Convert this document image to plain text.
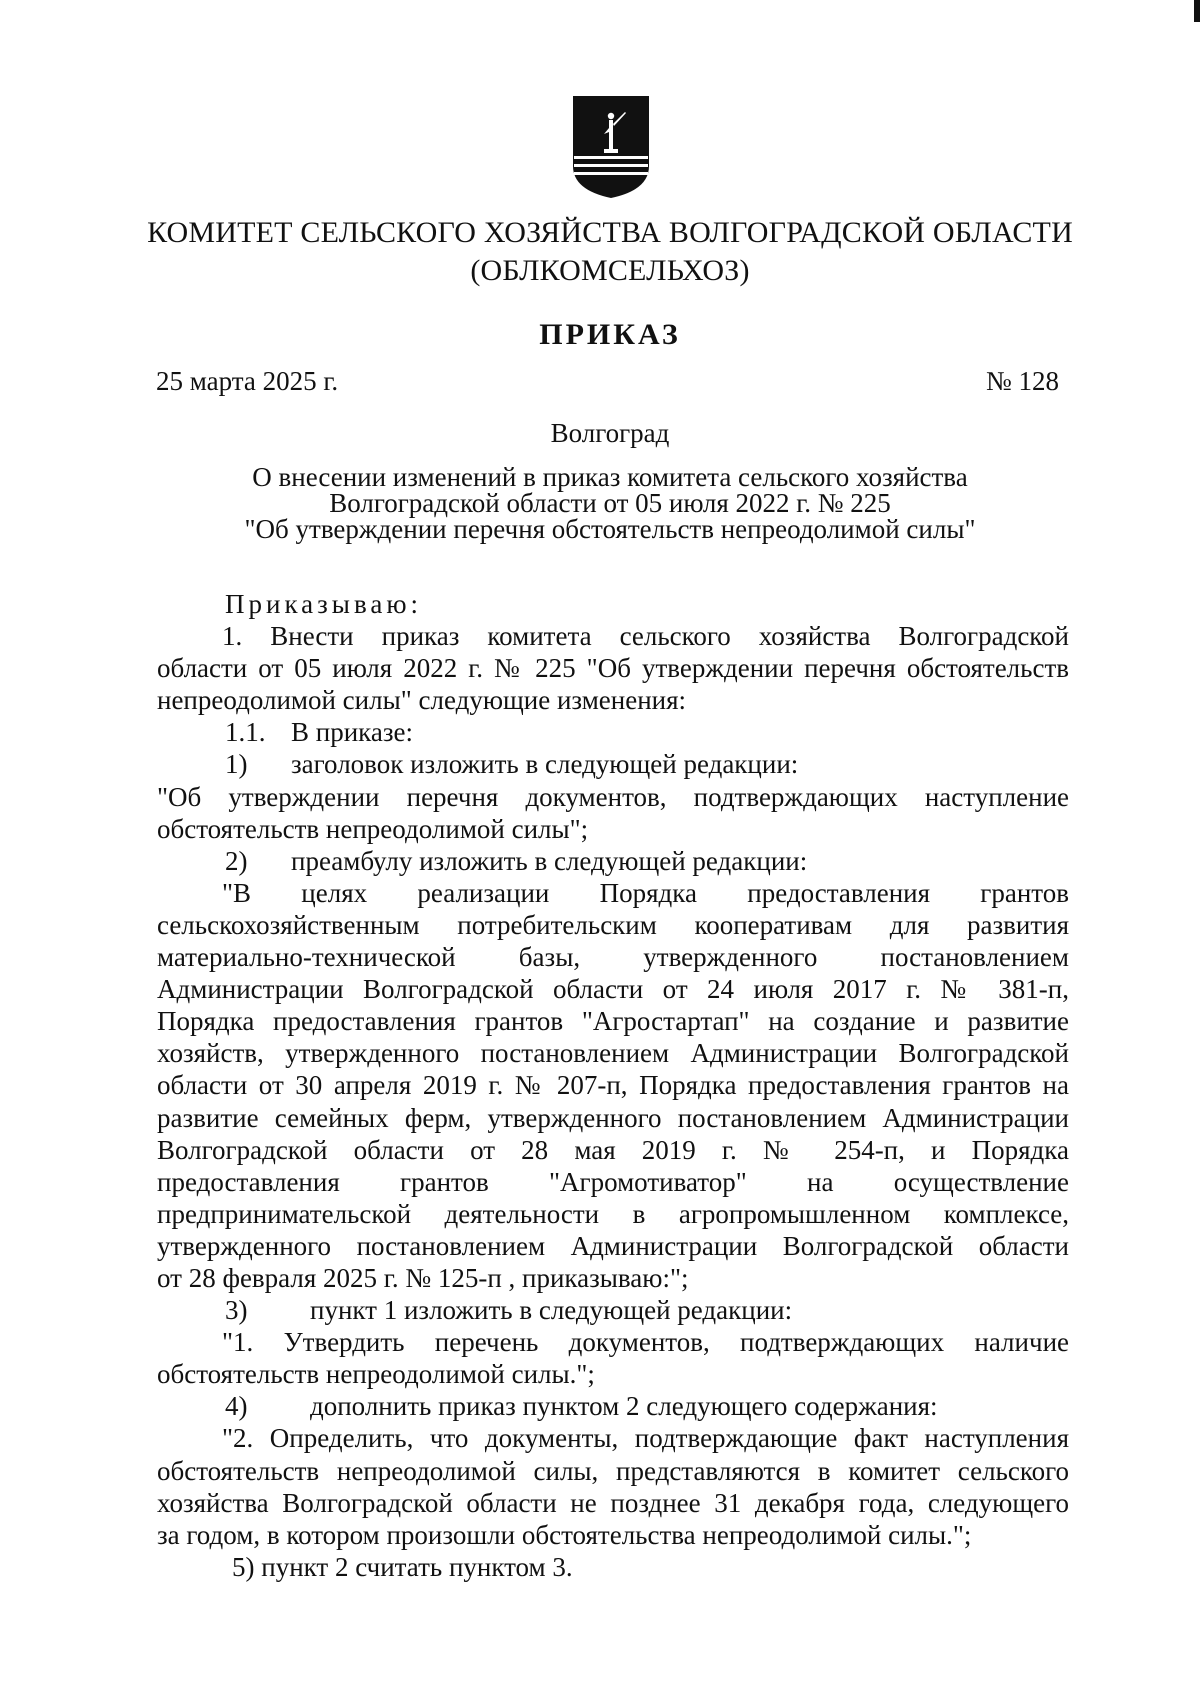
КОМИТЕТ СЕЛЬСКОГО ХОЗЯЙСТВА ВОЛГОГРАДСКОЙ ОБЛАСТИ
(ОБЛКОМСЕЛЬХОЗ)
ПРИКАЗ
25 марта 2025 г.	№ 128
Волгоград
О внесении изменений в приказ комитета сельского хозяйства
Волгоградской области от 05 июля 2022 г. № 225
"Об утверждении перечня обстоятельств непреодолимой силы"

Приказываю:

1. Внести приказ комитета сельского хозяйства Волгоградской

области от 05 июля 2022 г. № 225 "Об утверждении перечня обстоятельств

непреодолимой силы" следующие изменения:

1.1. В приказе:

1) заголовок изложить в следующей редакции:

"Об утверждении перечня документов, подтверждающих наступление

обстоятельств непреодолимой силы";

2) преамбулу изложить в следующей редакции:

"В целях реализации Порядка предоставления грантов

сельскохозяйственным потребительским кооперативам для развития

материально-технической базы, утвержденного постановлением

Администрации Волгоградской области от 24 июля 2017 г. № 381-п,

Порядка предоставления грантов "Агростартап" на создание и развитие

хозяйств, утвержденного постановлением Администрации Волгоградской

области от 30 апреля 2019 г. № 207-п, Порядка предоставления грантов на

развитие семейных ферм, утвержденного постановлением Администрации

Волгоградской области от 28 мая 2019 г. № 254-п, и Порядка

предоставления грантов "Агромотиватор" на осуществление

предпринимательской деятельности в агропромышленном комплексе,

утвержденного постановлением Администрации Волгоградской области

от 28 февраля 2025 г. № 125-п , приказываю:";

3) пункт 1 изложить в следующей редакции:

"1. Утвердить перечень документов, подтверждающих наличие

обстоятельств непреодолимой силы.";

4) дополнить приказ пунктом 2 следующего содержания:

"2. Определить, что документы, подтверждающие факт наступления

обстоятельств непреодолимой силы, представляются в комитет сельского

хозяйства Волгоградской области не позднее 31 декабря года, следующего

за годом, в котором произошли обстоятельства непреодолимой силы.";

5) пункт 2 считать пунктом 3.
